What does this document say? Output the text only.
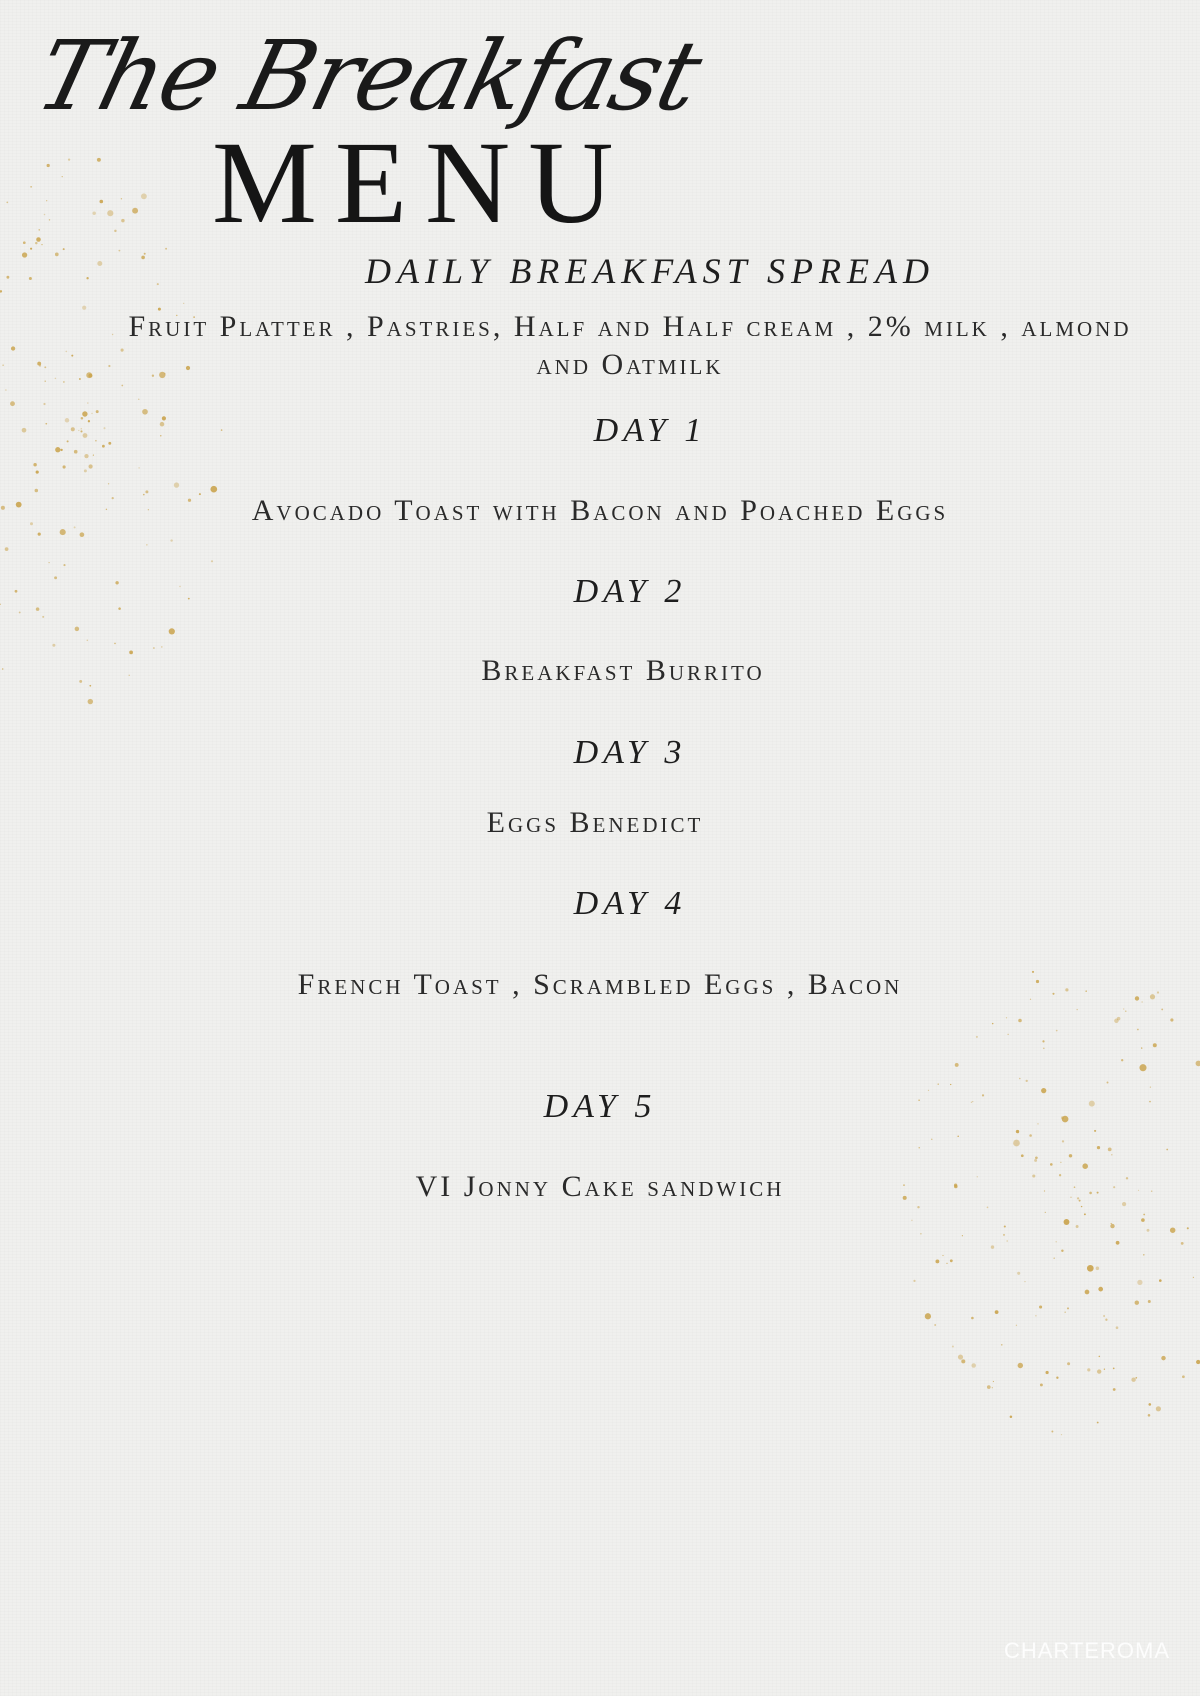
The Breakfast
MENU
DAILY BREAKFAST SPREAD
Fruit Platter , Pastries, Half and Half cream , 2% milk , almond and Oatmilk
DAY 1
Avocado Toast with Bacon and Poached Eggs
DAY 2
Breakfast Burrito
DAY 3
Eggs Benedict
DAY 4
French Toast , Scrambled Eggs , Bacon
DAY 5
VI Jonny Cake sandwich
CHARTEROMA
